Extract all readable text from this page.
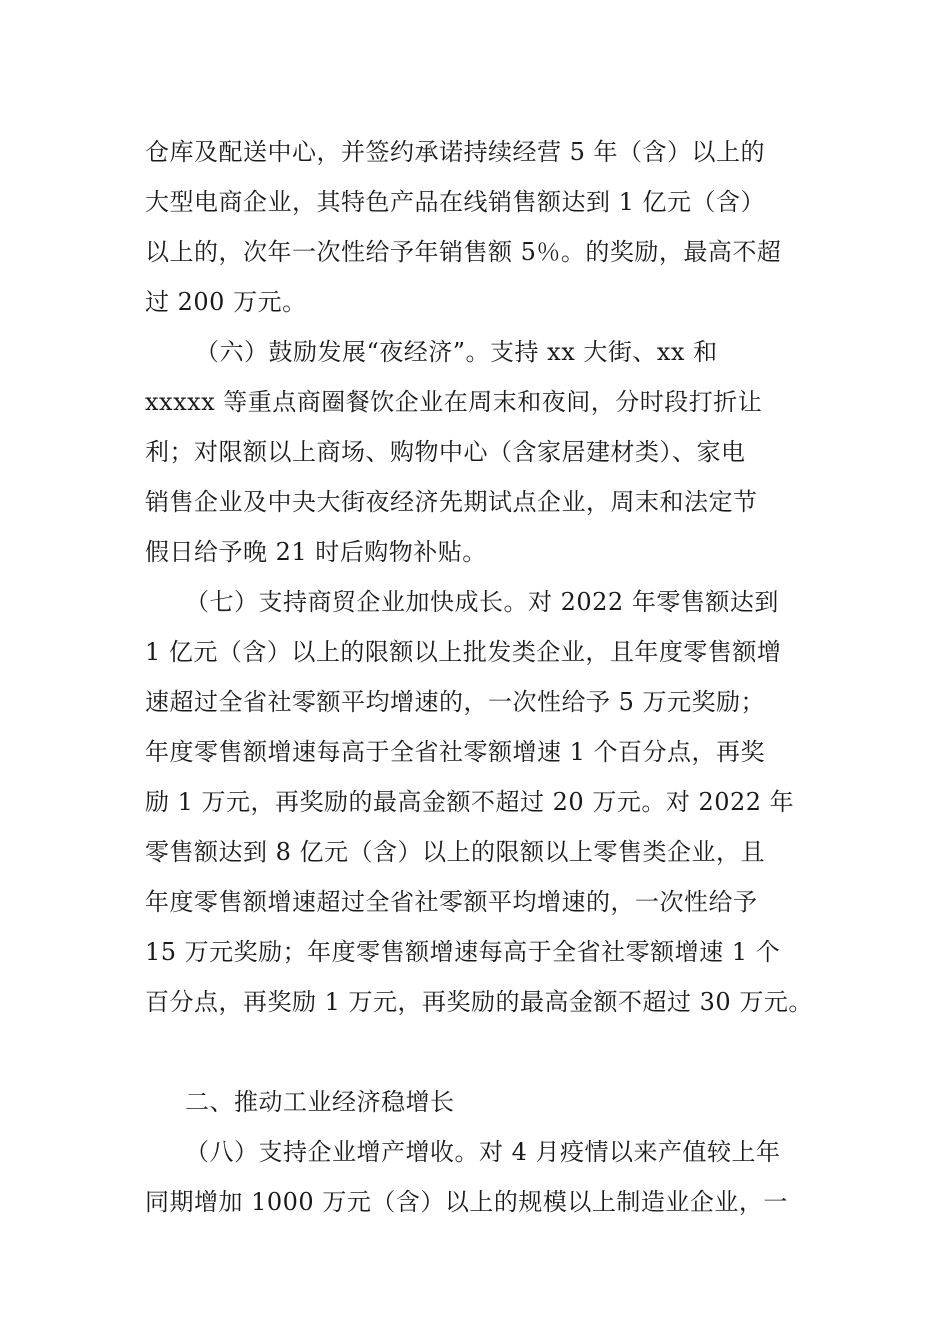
仓库及配送中心，并签约承诺持续经营 5 年（含）以上的
大型电商企业，其特色产品在线销售额达到 1 亿元（含）
以上的，次年一次性给予年销售额 5％。的奖励，最高不超
过 200 万元。
（六）鼓励发展“夜经济”。支持 xx 大街、xx 和
xxxxx 等重点商圈餐饮企业在周末和夜间，分时段打折让
利；对限额以上商场、购物中心（含家居建材类）、家电
销售企业及中夬大街夜经济先期试点企业，周末和法定节
假日给予晚 21 时后购物补贴。
（七）支持商贸企业加快成长。对 2022 年零售额达到
1 亿元（含）以上的限额以上批发类企业，且年度零售额增
速超过全省社零额平均增速的，一次性给予 5 万元奖励；
年度零售额增速每高于全省社零额增速 1 个百分点，再奖
励 1 万元，再奖励的最高金额不超过 20 万元。对 2022 年
零售额达到 8 亿元（含）以上的限额以上零售类企业，且
年度零售额增速超过全省社零额平均增速的，一次性给予
15 万元奖励；年度零售额增速每高于全省社零额增速 1 个
百分点，再奖励 1 万元，再奖励的最高金额不超过 30 万元。
二、推动工业经济稳增长
（八）支持企业增产增收。对 4 月疫情以来产值较上年
同期增加 1000 万元（含）以上的规模以上制造业企业，一
